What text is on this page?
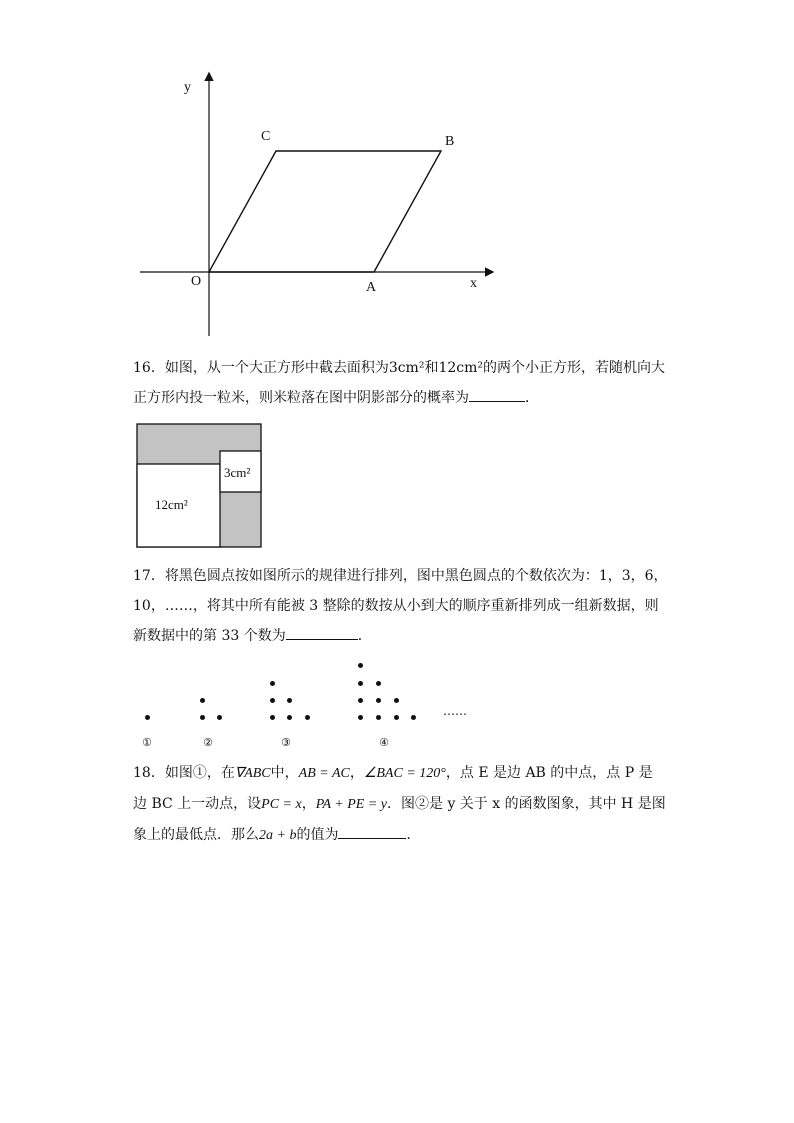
y
x
O	A
B
C

16．如图，从一个大正方形中截去面积为3cm²和12cm²的两个小正方形，若随机向大

正方形内投一粒米，则米粒落在图中阴影部分的概率为	．

3cm²
12cm²

17．将黑色圆点按如图所示的规律进行排列，图中黑色圆点的个数依次为：1，3，6，

10，……，将其中所有能被 3 整除的数按从小到大的顺序重新排列成一组新数据，则

新数据中的第 33 个数为	．

……
①	②	③	④

18．如图①，在∇ABC中，AB = AC，∠BAC = 120°，点 E 是边 AB 的中点，点 P 是

边 BC 上一动点，设PC = x，PA + PE = y．图②是 y 关于 x 的函数图象，其中 H 是图

象上的最低点．那么2a + b的值为	．
